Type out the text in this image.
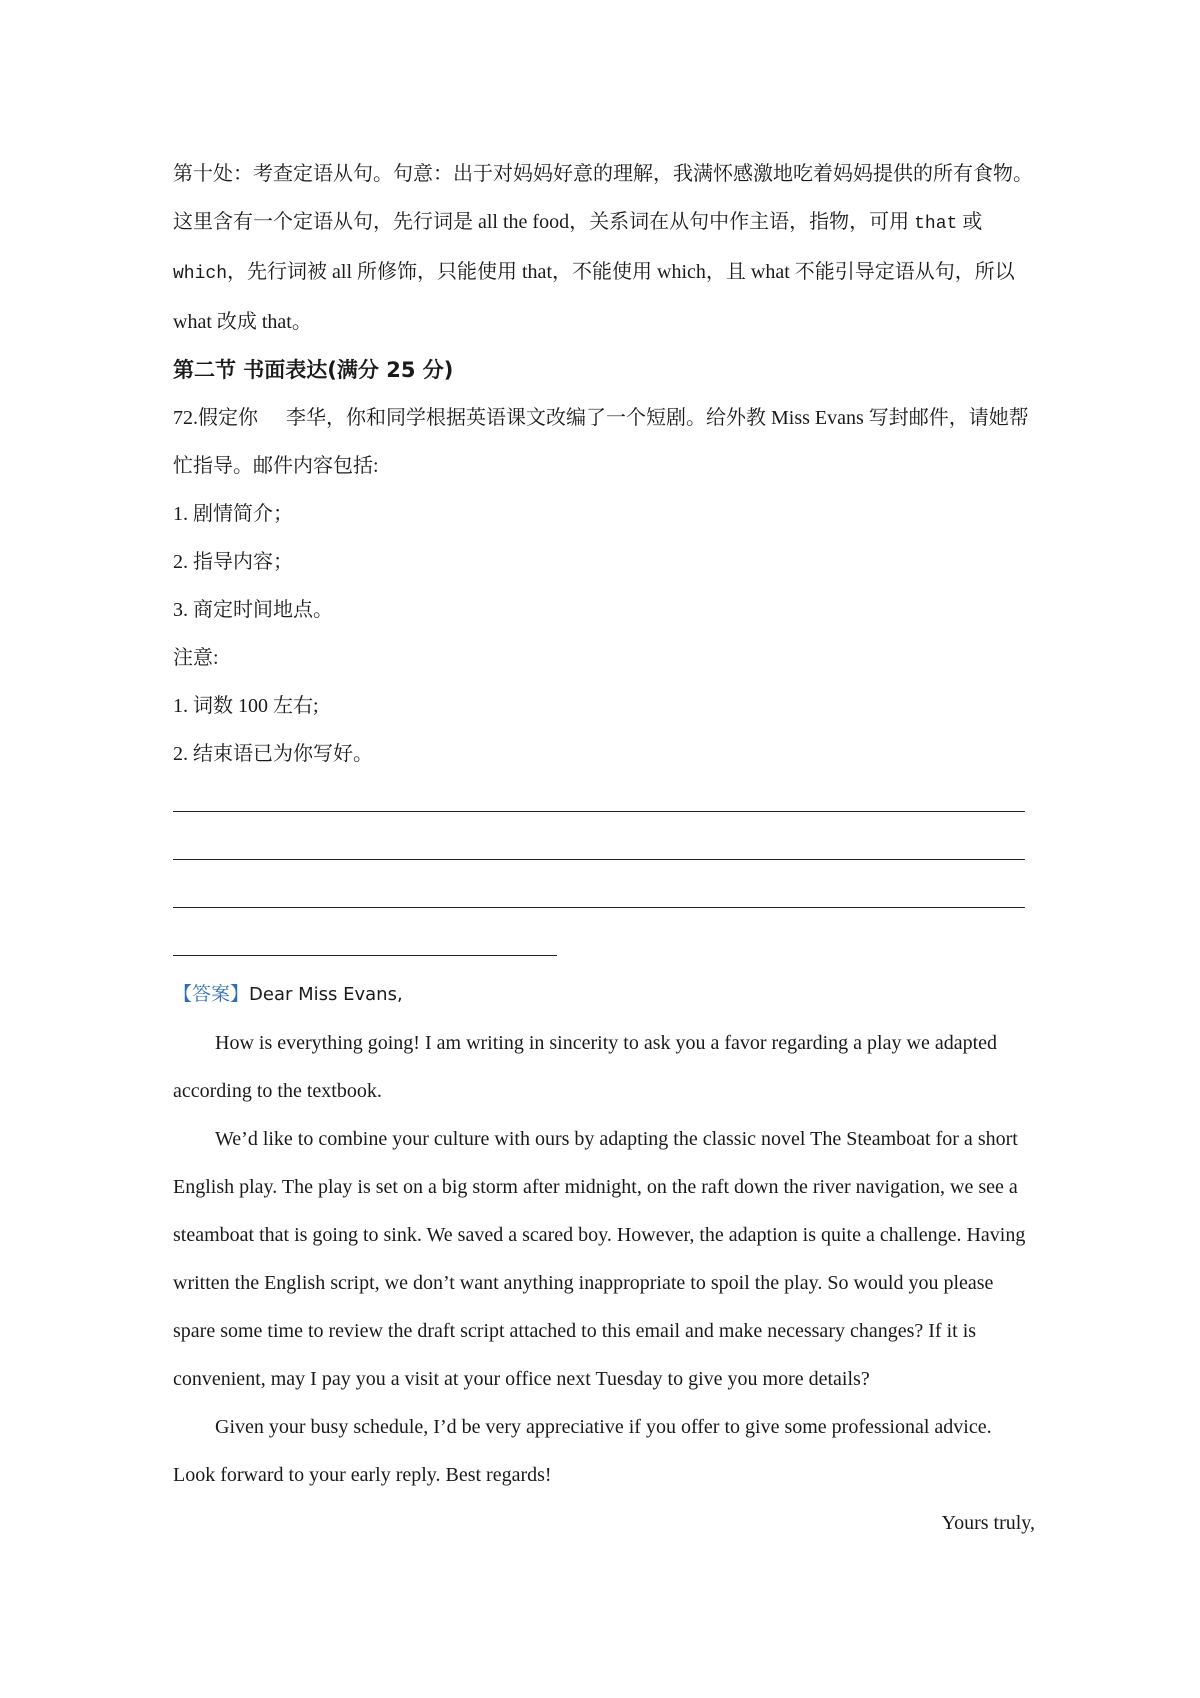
第十处：考查定语从句。句意：出于对妈妈好意的理解，我满怀感激地吃着妈妈提供的所有食物。这里含有一个定语从句，先行词是 all the food，关系词在从句中作主语，指物，可用 that 或 which，先行词被 all 所修饰，只能使用 that，不能使用 which，且 what 不能引导定语从句，所以 what 改成 that。

第二节 书面表达(满分 25 分)

72.假定你 李华，你和同学根据英语课文改编了一个短剧。给外教 Miss Evans 写封邮件，请她帮忙指导。邮件内容包括:

1. 剧情简介；

2. 指导内容；

3. 商定时间地点。

注意:

1. 词数 100 左右;

2. 结束语已为你写好。

【答案】Dear Miss Evans,

How is everything going! I am writing in sincerity to ask you a favor regarding a play we adapted according to the textbook.

We’d like to combine your culture with ours by adapting the classic novel The Steamboat for a short English play. The play is set on a big storm after midnight, on the raft down the river navigation, we see a steamboat that is going to sink. We saved a scared boy. However, the adaption is quite a challenge. Having written the English script, we don’t want anything inappropriate to spoil the play. So would you please spare some time to review the draft script attached to this email and make necessary changes? If it is convenient, may I pay you a visit at your office next Tuesday to give you more details?

Given your busy schedule, I’d be very appreciative if you offer to give some professional advice. Look forward to your early reply. Best regards!

Yours truly,
